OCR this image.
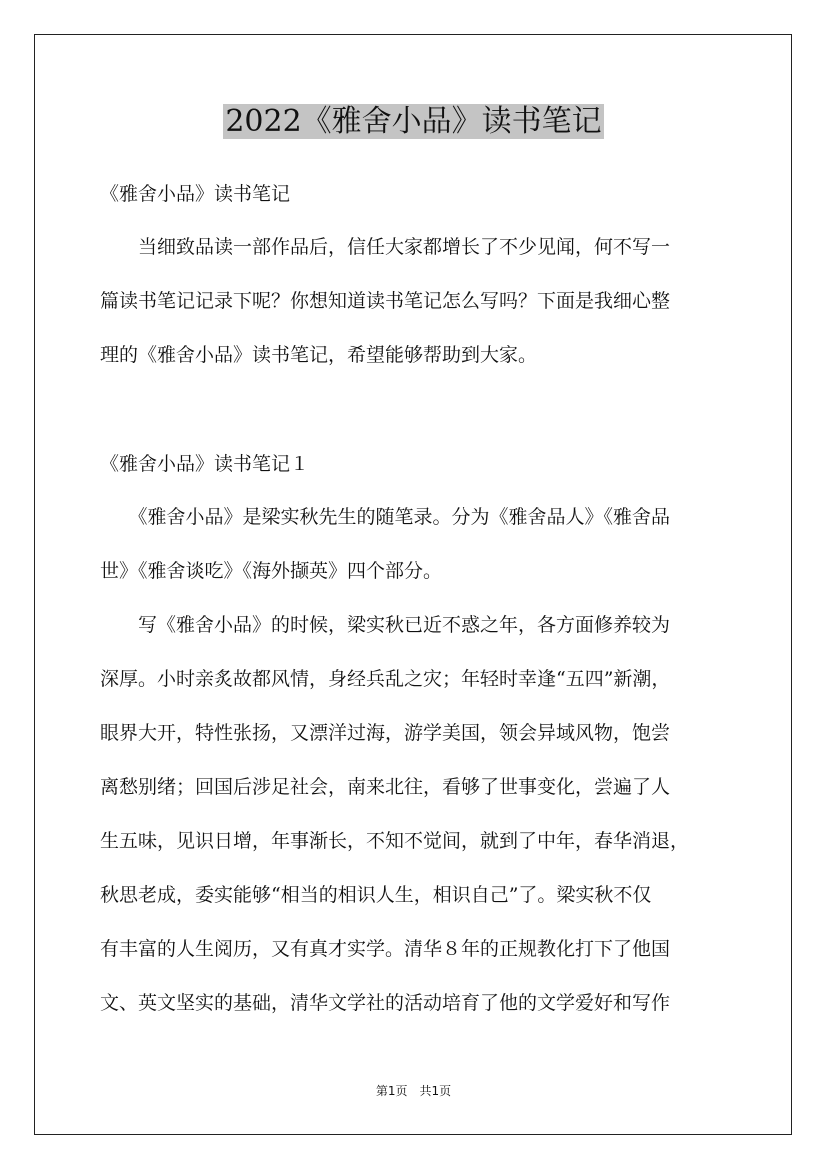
2022《雅舍小品》读书笔记
《雅舍小品》读书笔记
　　当细致品读一部作品后，信任大家都增长了不少见闻，何不写一
篇读书笔记记录下呢？你想知道读书笔记怎么写吗？下面是我细心整
理的《雅舍小品》读书笔记，希望能够帮助到大家。
《雅舍小品》读书笔记１
　　《雅舍小品》是梁实秋先生的随笔录。分为《雅舍品人》《雅舍品
世》《雅舍谈吃》《海外撷英》四个部分。
　　写《雅舍小品》的时候，梁实秋已近不惑之年，各方面修养较为
深厚。小时亲炙故都风情，身经兵乱之灾；年轻时幸逢“五四”新潮，
眼界大开，特性张扬，又漂洋过海，游学美国，领会异域风物，饱尝
离愁别绪；回国后涉足社会，南来北往，看够了世事变化，尝遍了人
生五味，见识日增，年事渐长，不知不觉间，就到了中年，春华消退，
秋思老成，委实能够“相当的相识人生，相识自己”了。梁实秋不仅
有丰富的人生阅历，又有真才实学。清华８年的正规教化打下了他国
文、英文坚实的基础，清华文学社的活动培育了他的文学爱好和写作
第1页　共1页
